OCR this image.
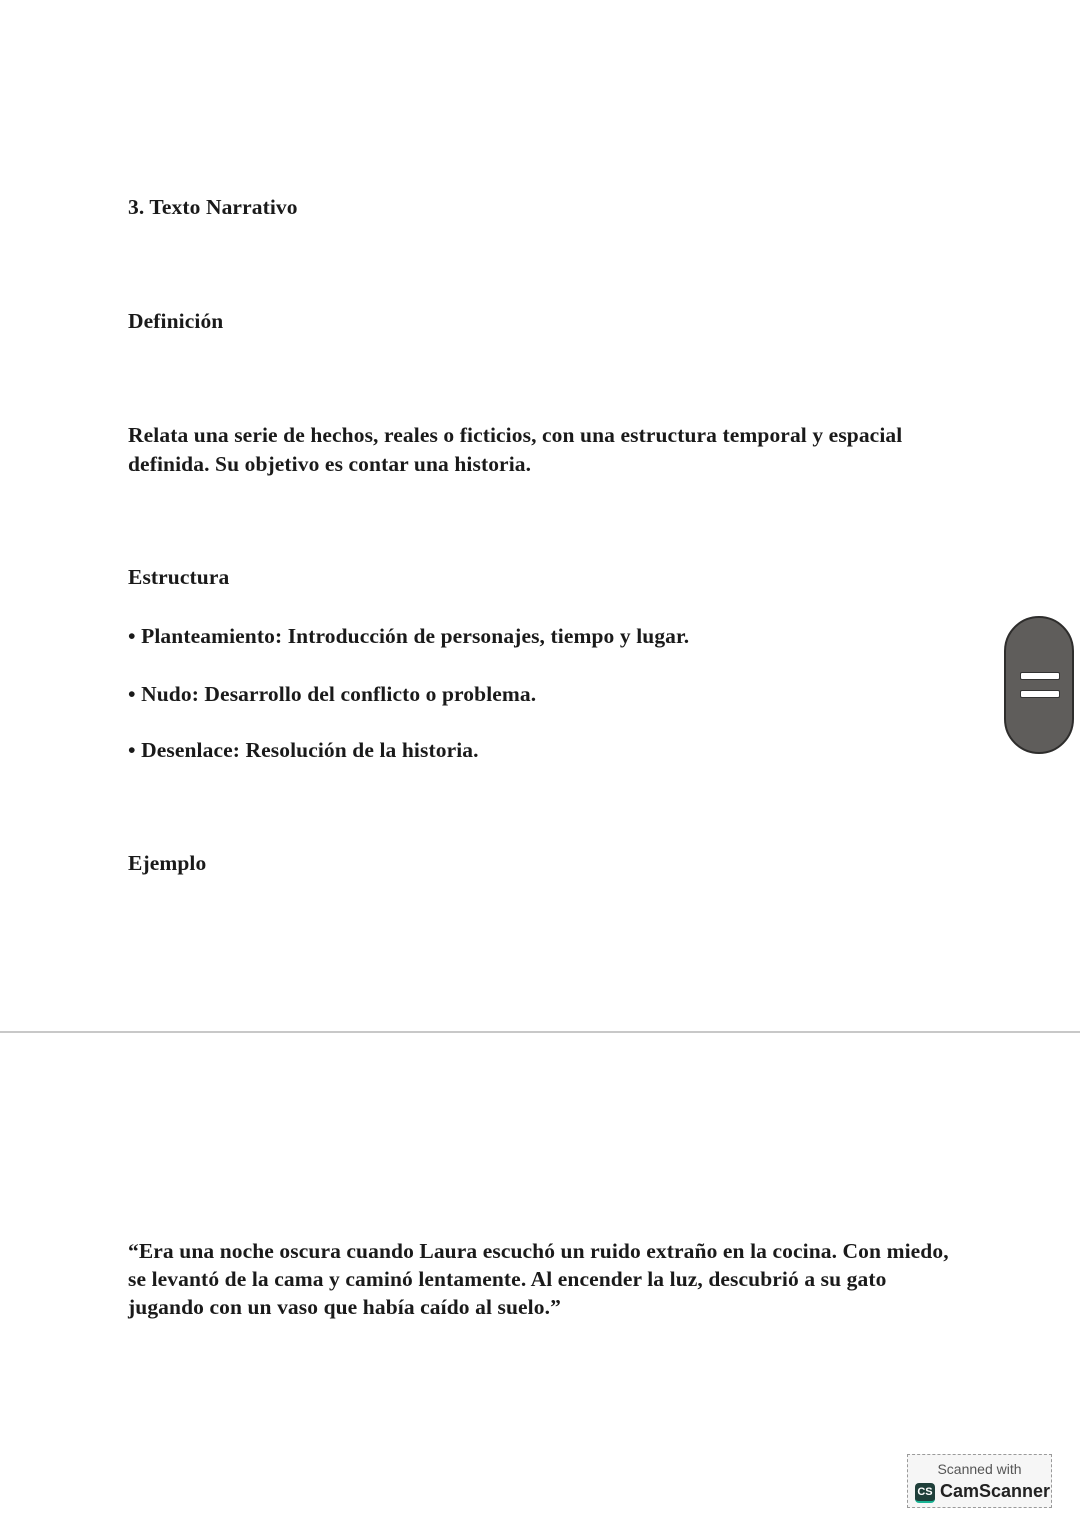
3. Texto Narrativo
Definición
Relata una serie de hechos, reales o ficticios, con una estructura temporal y espacial
definida. Su objetivo es contar una historia.
Estructura
• Planteamiento: Introducción de personajes, tiempo y lugar.
• Nudo: Desarrollo del conflicto o problema.
• Desenlace: Resolución de la historia.
Ejemplo
“Era una noche oscura cuando Laura escuchó un ruido extraño en la cocina. Con miedo,
se levantó de la cama y caminó lentamente. Al encender la luz, descubrió a su gato
jugando con un vaso que había caído al suelo.”
Scanned with
CS CamScanner
